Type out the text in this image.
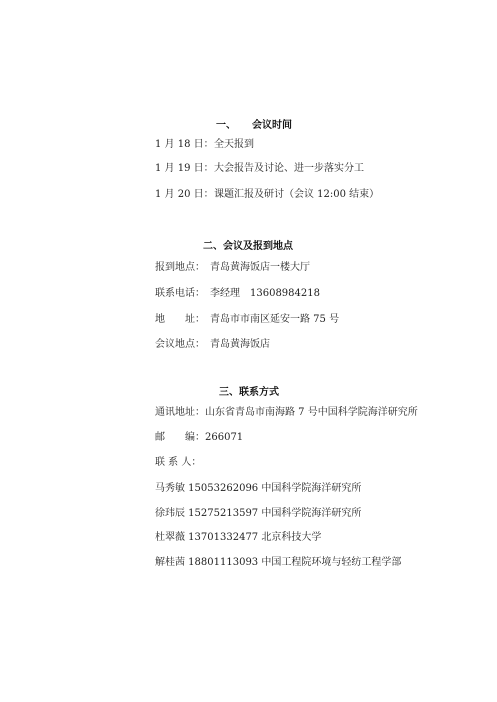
一、 会议时间
1 月 18 日：全天报到
1 月 19 日：大会报告及讨论、进一步落实分工
1 月 20 日：课题汇报及研讨（会议 12:00 结束）
二、会议及报到地点
报到地点： 青岛黄海饭店一楼大厅
联系电话： 李经理　13608984218
地　　址： 青岛市市南区延安一路 75 号
会议地点： 青岛黄海饭店
三、联系方式
通讯地址：山东省青岛市南海路 7 号中国科学院海洋研究所
邮　　编：266071
联 系 人：
马秀敏 15053262096 中国科学院海洋研究所
徐玮辰 15275213597 中国科学院海洋研究所
杜翠薇 13701332477 北京科技大学
解桂茜 18801113093 中国工程院环境与轻纺工程学部
